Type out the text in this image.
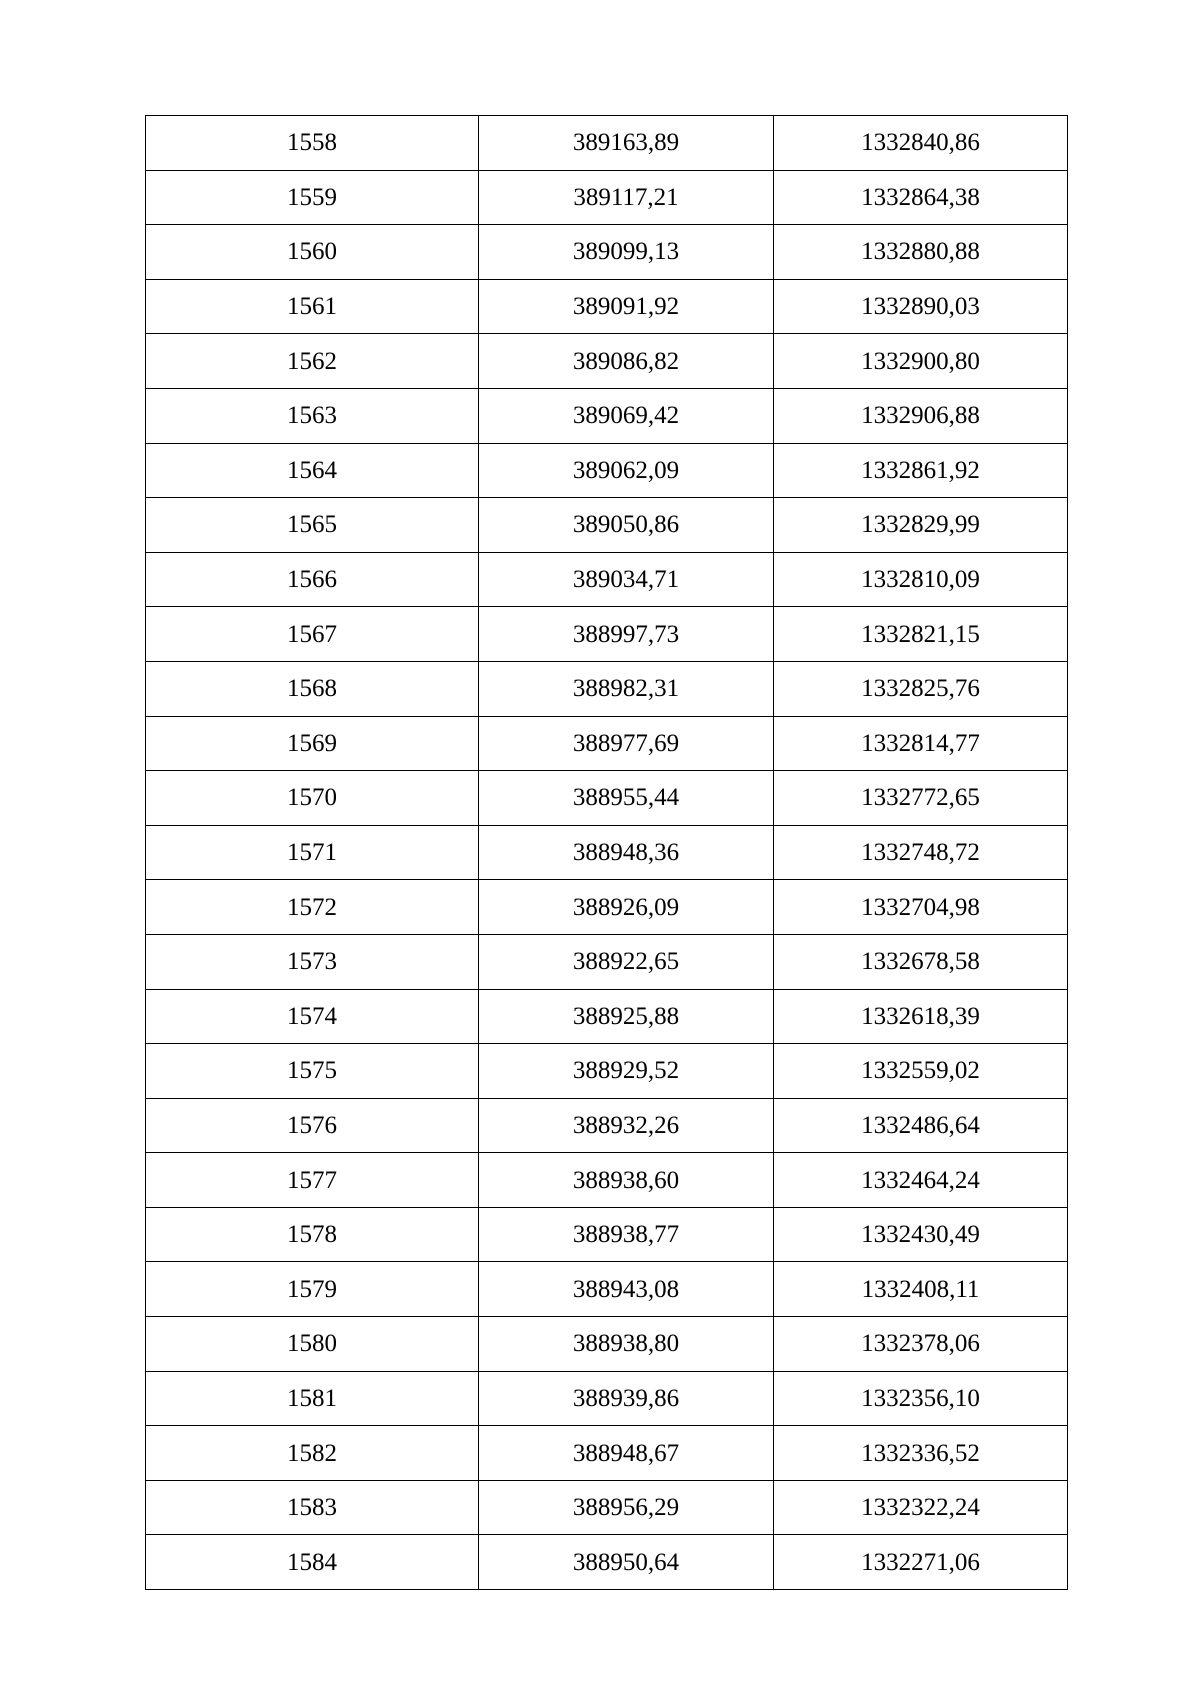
1558	389163,89	1332840,86
1559	389117,21	1332864,38
1560	389099,13	1332880,88
1561	389091,92	1332890,03
1562	389086,82	1332900,80
1563	389069,42	1332906,88
1564	389062,09	1332861,92
1565	389050,86	1332829,99
1566	389034,71	1332810,09
1567	388997,73	1332821,15
1568	388982,31	1332825,76
1569	388977,69	1332814,77
1570	388955,44	1332772,65
1571	388948,36	1332748,72
1572	388926,09	1332704,98
1573	388922,65	1332678,58
1574	388925,88	1332618,39
1575	388929,52	1332559,02
1576	388932,26	1332486,64
1577	388938,60	1332464,24
1578	388938,77	1332430,49
1579	388943,08	1332408,11
1580	388938,80	1332378,06
1581	388939,86	1332356,10
1582	388948,67	1332336,52
1583	388956,29	1332322,24
1584	388950,64	1332271,06
